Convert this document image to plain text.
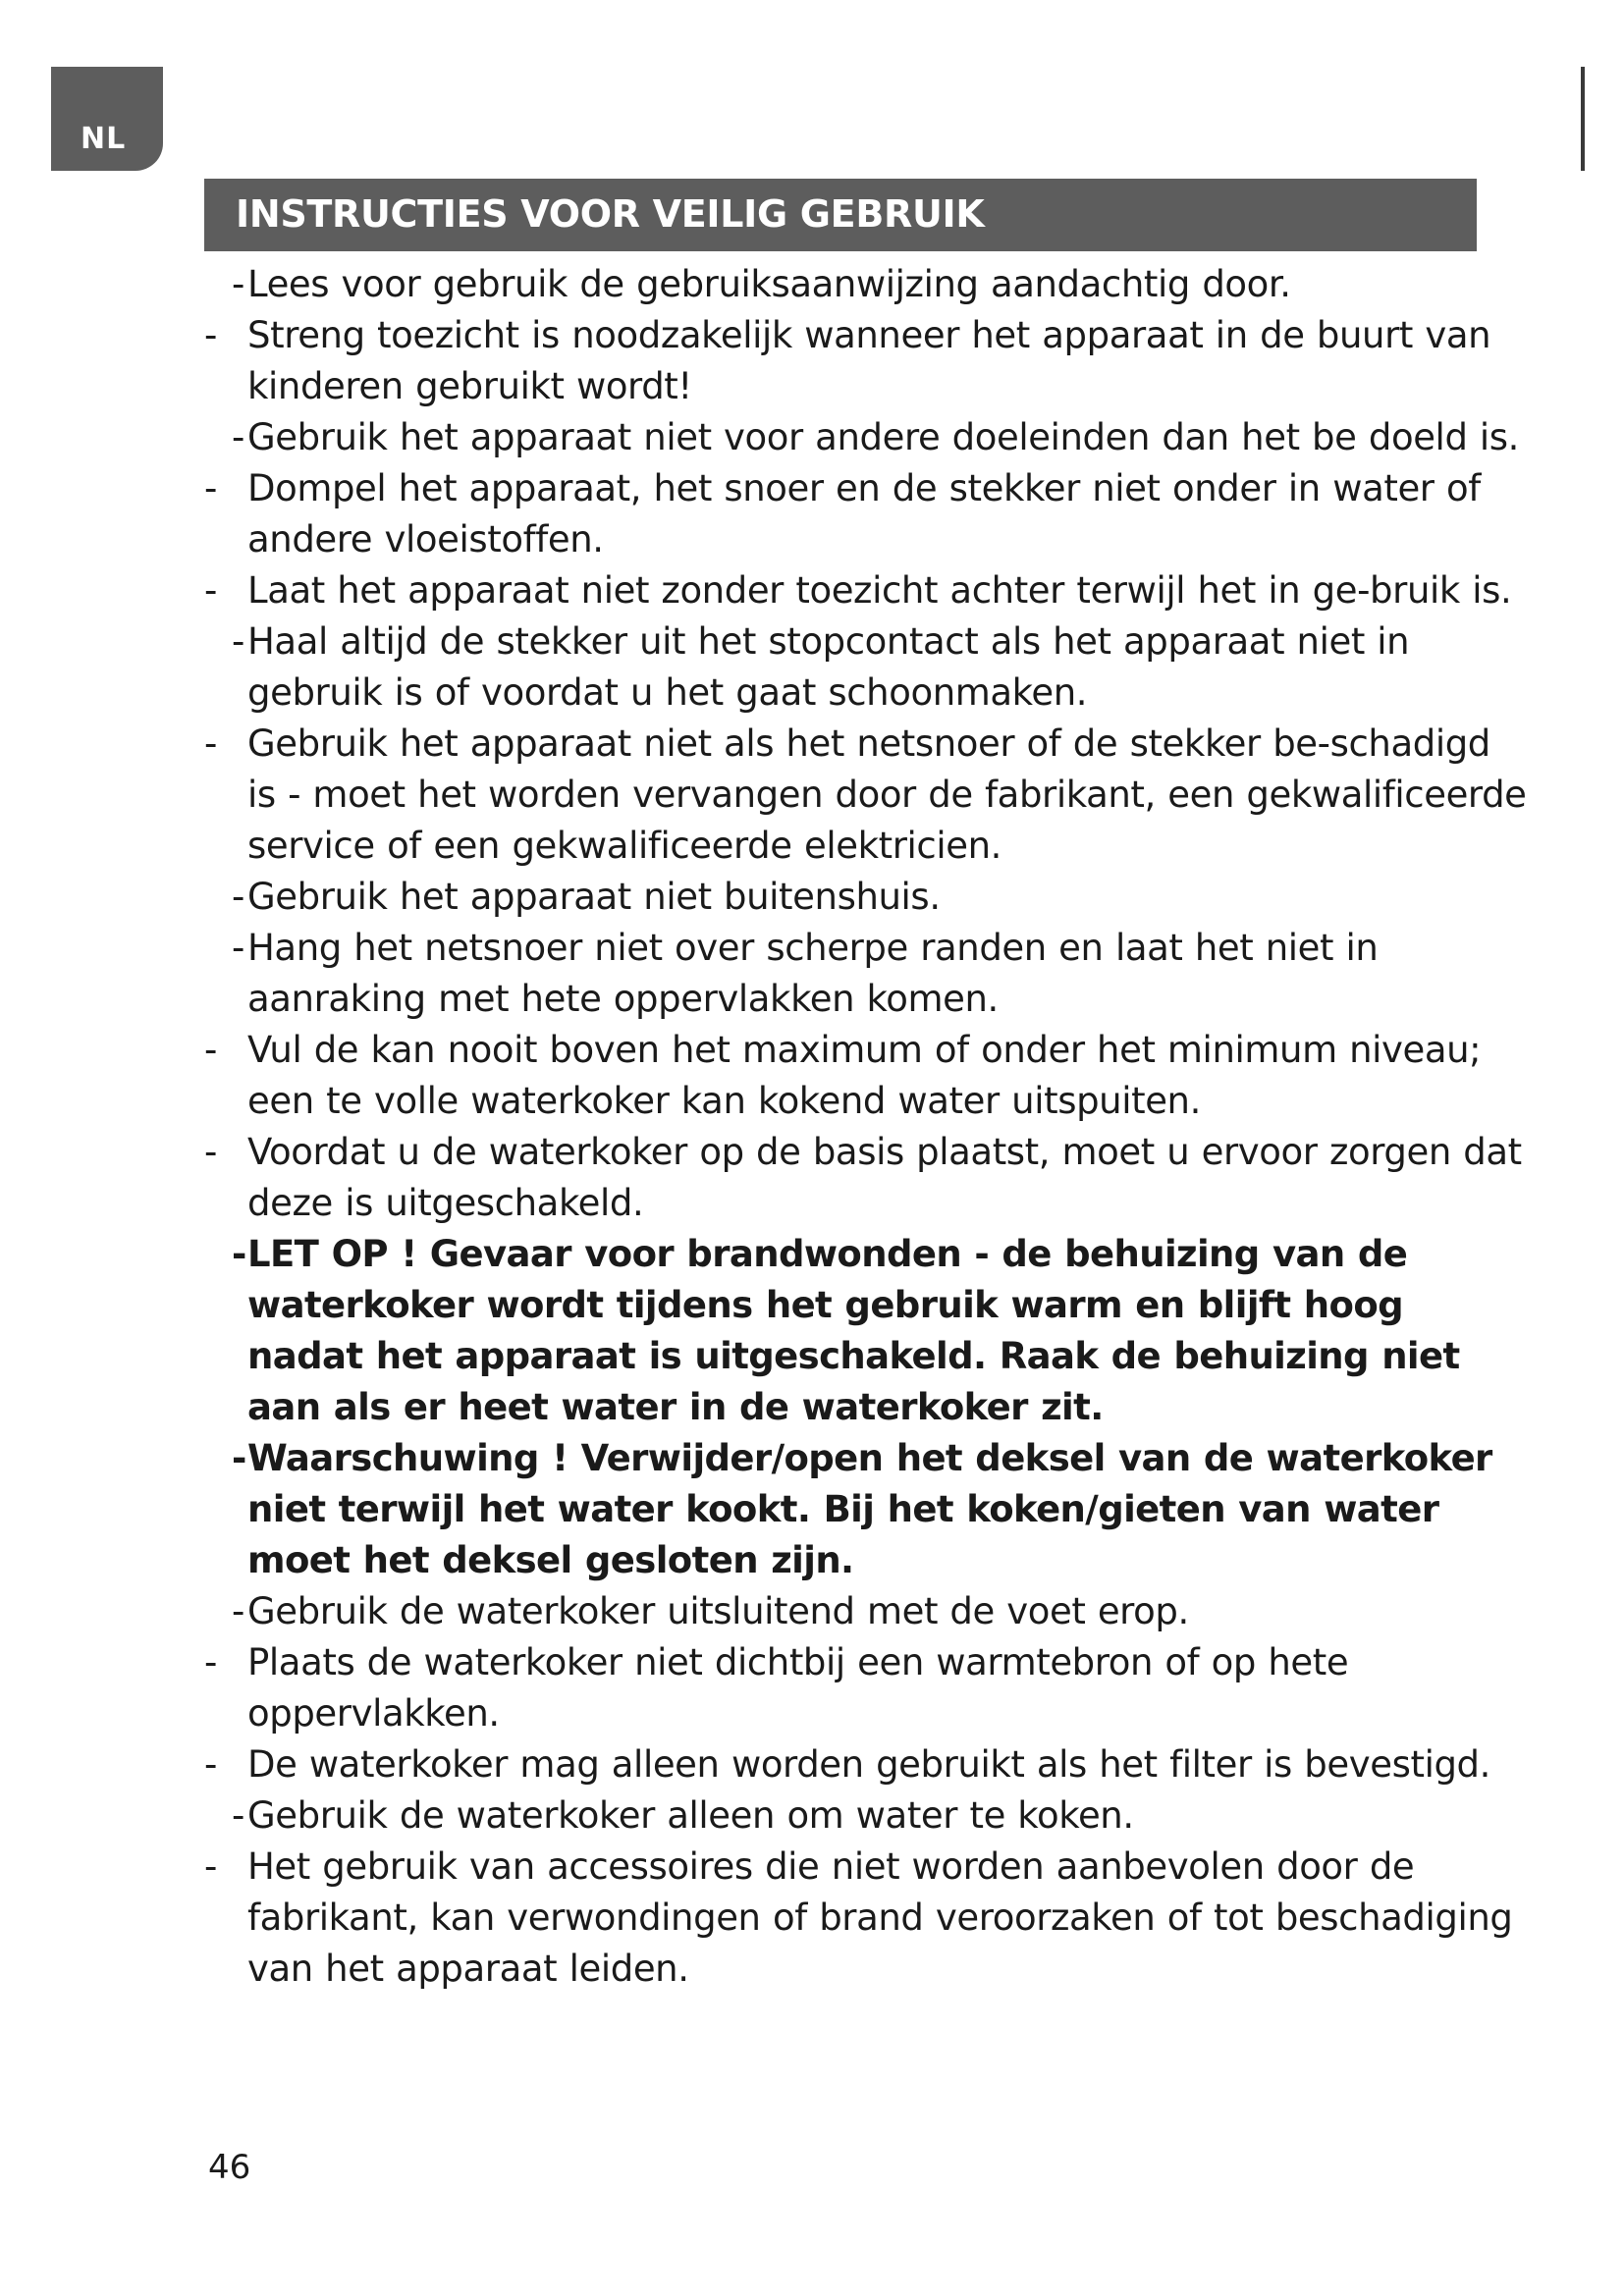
NL
INSTRUCTIES VOOR VEILIG GEBRUIK
- Lees voor gebruik de gebruiksaanwijzing aandachtig door.
- Streng toezicht is noodzakelijk wanneer het apparaat in de buurt van kinderen gebruikt wordt!
- Gebruik het apparaat niet voor andere doeleinden dan het be doeld is.
- Dompel het apparaat, het snoer en de stekker niet onder in water of andere vloeistoffen.
- Laat het apparaat niet zonder toezicht achter terwijl het in ge-bruik is.
- Haal altijd de stekker uit het stopcontact als het apparaat niet in gebruik is of voordat u het gaat schoonmaken.
- Gebruik het apparaat niet als het netsnoer of de stekker be-schadigd is - moet het worden vervangen door de fabrikant, een gekwalificeerde service of een gekwalificeerde elektricien.
- Gebruik het apparaat niet buitenshuis.
- Hang het netsnoer niet over scherpe randen en laat het niet in aanraking met hete oppervlakken komen.
- Vul de kan nooit boven het maximum of onder het minimum niveau; een te volle waterkoker kan kokend water uitspuiten.
- Voordat u de waterkoker op de basis plaatst, moet u ervoor zorgen dat deze is uitgeschakeld.
- LET OP ! Gevaar voor brandwonden - de behuizing van de waterkoker wordt tijdens het gebruik warm en blijft hoog nadat het apparaat is uitgeschakeld. Raak de behuizing niet aan als er heet water in de waterkoker zit.
- Waarschuwing ! Verwijder/open het deksel van de waterkoker niet terwijl het water kookt. Bij het koken/gieten van water moet het deksel gesloten zijn.
- Gebruik de waterkoker uitsluitend met de voet erop.
- Plaats de waterkoker niet dichtbij een warmtebron of op hete oppervlakken.
- De waterkoker mag alleen worden gebruikt als het filter is bevestigd.
- Gebruik de waterkoker alleen om water te koken.
- Het gebruik van accessoires die niet worden aanbevolen door de fabrikant, kan verwondingen of brand veroorzaken of tot beschadiging van het apparaat leiden.
46
